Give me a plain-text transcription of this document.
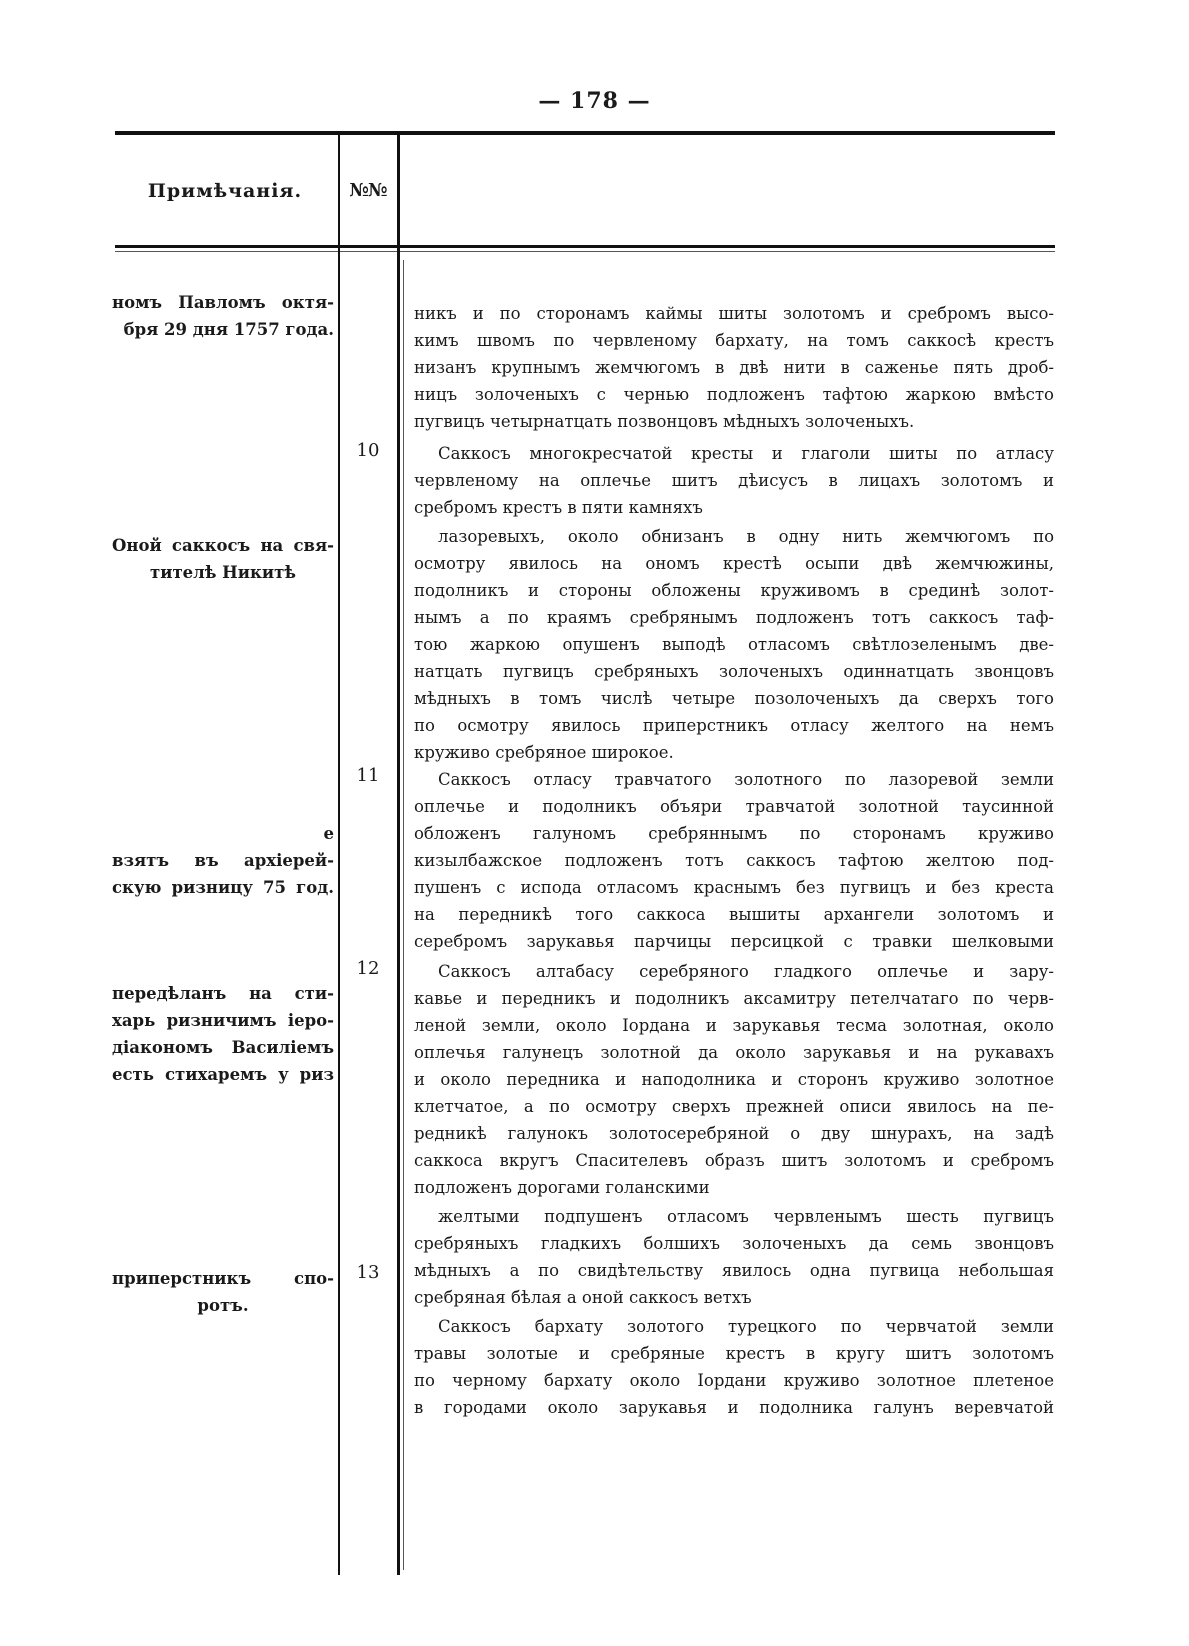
— 178 —
Примѣчанія.	№№
номъ Павломъ октя-
бря 29 дня 1757 года.
Оной саккосъ на свя-
тителѣ Никитѣ
е
взятъ въ архіерей-
скую ризницу 75 год.
передѣланъ на сти-
харь ризничимъ іеро-
діакономъ Василіемъ
есть стихаремъ у риз
приперстникъ спо-
ротъ.
10
11
12
13
никъ и по сторонамъ каймы шиты золотомъ и сребромъ высо-
кимъ швомъ по червленому бархату, на томъ саккосѣ крестъ
низанъ крупнымъ жемчюгомъ в двѣ нити в саженье пять дроб-
ницъ золоченыхъ с чернью подложенъ тафтою жаркою вмѣсто
пугвицъ четырнатцать позвонцовъ мѣдныхъ золоченыхъ.
Саккосъ многокресчатой кресты и глаголи шиты по атласу
червленому на оплечье шитъ дѣисусъ в лицахъ золотомъ и
сребромъ крестъ в пяти камняхъ
лазоревыхъ, около обнизанъ в одну нить жемчюгомъ по
осмотру явилось на ономъ крестѣ осыпи двѣ жемчюжины,
подолникъ и стороны обложены круживомъ в срединѣ золот-
нымъ а по краямъ сребрянымъ подложенъ тотъ саккосъ таф-
тою жаркою опушенъ выподѣ отласомъ свѣтлозеленымъ две-
натцать пугвицъ сребряныхъ золоченыхъ одиннатцать звонцовъ
мѣдныхъ в томъ числѣ четыре позолоченыхъ да сверхъ того
по осмотру явилось приперстникъ отласу желтого на немъ
круживо сребряное широкое.
Саккосъ отласу травчатого золотного по лазоревой земли
оплечье и подолникъ объяри травчатой золотной таусинной
обложенъ галуномъ сребряннымъ по сторонамъ круживо
кизылбажское подложенъ тотъ саккосъ тафтою желтою под-
пушенъ с испода отласомъ краснымъ без пугвицъ и без креста
на передникѣ того саккоса вышиты архангели золотомъ и
серебромъ зарукавья парчицы персицкой с травки шелковыми
Саккосъ алтабасу серебряного гладкого оплечье и зару-
кавье и передникъ и подолникъ аксамитру петелчатаго по черв-
леной земли, около Iордана и зарукавья тесма золотная, около
оплечья галунецъ золотной да около зарукавья и на рукавахъ
и около передника и наподолника и сторонъ круживо золотное
клетчатое, а по осмотру сверхъ прежней описи явилось на пе-
редникѣ галунокъ золотосеребряной о дву шнурахъ, на задѣ
саккоса вкругъ Спасителевъ образъ шитъ золотомъ и сребромъ
подложенъ дорогами голанскими
желтыми подпушенъ отласомъ червленымъ шесть пугвицъ
сребряныхъ гладкихъ болшихъ золоченыхъ да семь звонцовъ
мѣдныхъ а по свидѣтельству явилось одна пугвица небольшая
сребряная бѣлая а оной саккосъ ветхъ
Саккосъ бархату золотого турецкого по червчатой земли
травы золотые и сребряные крестъ в кругу шитъ золотомъ
по черному бархату около Iордани круживо золотное плетеное
в городами около зарукавья и подолника галунъ веревчатой
